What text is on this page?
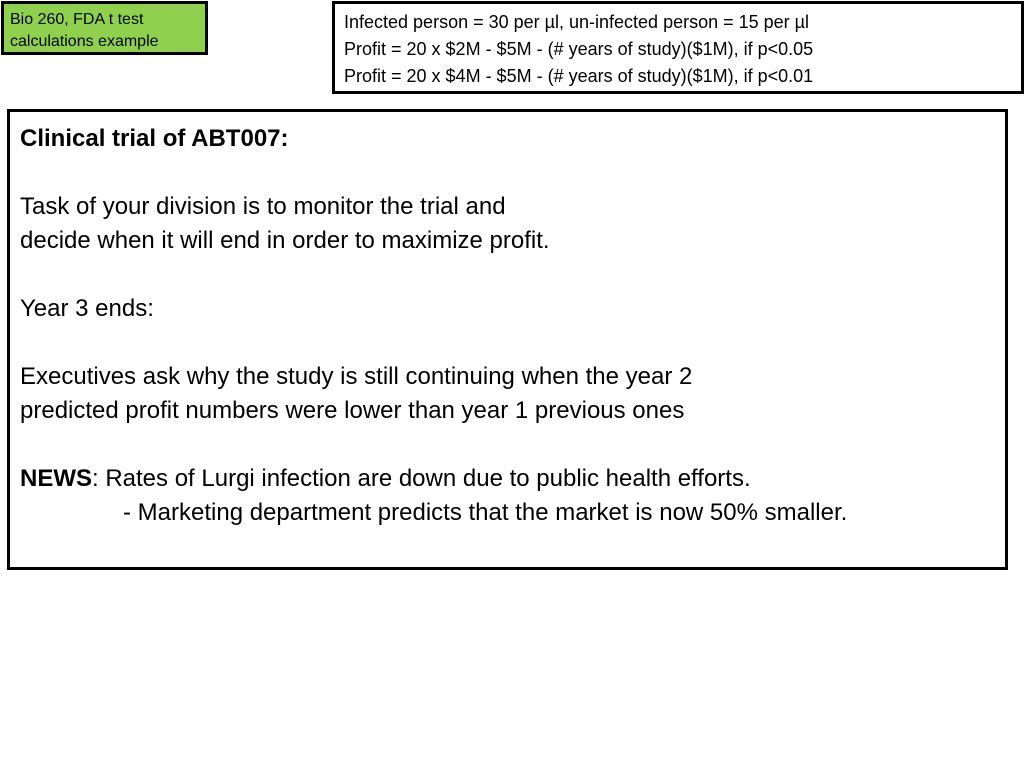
Bio 260, FDA t test
calculations example
Infected person = 30 per µl, un-infected person = 15 per µl
Profit = 20 x $2M - $5M - (# years of study)($1M), if p<0.05
Profit = 20 x $4M - $5M - (# years of study)($1M), if p<0.01
Clinical trial of ABT007:
Task of your division is to monitor the trial and
decide when it will end in order to maximize profit.
Year 3 ends:
Executives ask why the study is still continuing when the year 2
predicted profit numbers were lower than year 1 previous ones
NEWS: Rates of Lurgi infection are down due to public health efforts.
- Marketing department predicts that the market is now 50% smaller.
